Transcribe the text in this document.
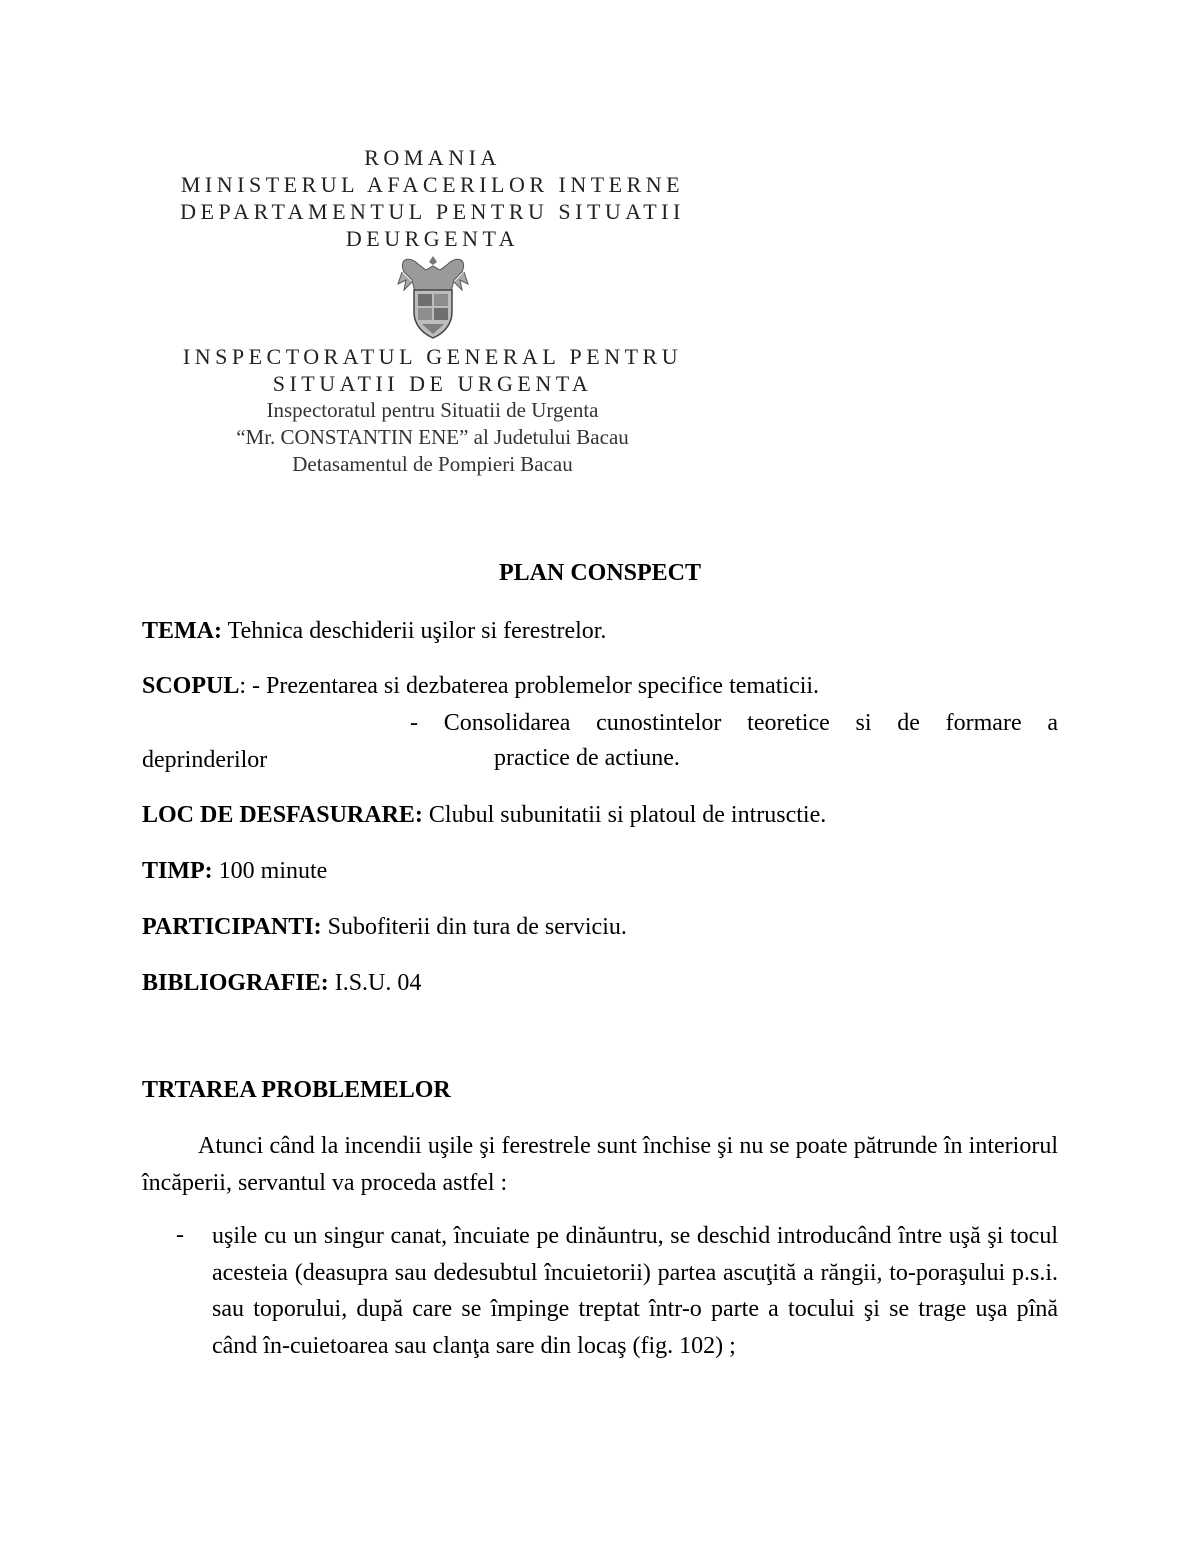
ROMANIA
MINISTERUL AFACERILOR INTERNE
DEPARTAMENTUL PENTRU SITUATII
DEURGENTA
INSPECTORATUL GENERAL PENTRU
SITUATII DE URGENTA
Inspectoratul pentru Situatii de Urgenta
“Mr. CONSTANTIN ENE” al Judetului Bacau
Detasamentul de Pompieri Bacau
PLAN CONSPECT
TEMA: Tehnica deschiderii uşilor si ferestrelor.
SCOPUL: - Prezentarea si dezbaterea problemelor specifice tematicii.
- Consolidarea cunostintelor teoretice si de formare a
deprinderilor	practice de actiune.
LOC DE DESFASURARE: Clubul subunitatii si platoul de intrusctie.
TIMP: 100 minute
PARTICIPANTI: Subofiterii din tura de serviciu.
BIBLIOGRAFIE: I.S.U. 04
TRTAREA PROBLEMELOR
Atunci când la incendii uşile şi ferestrele sunt închise şi nu se poate pătrunde în interiorul încăperii, servantul va proceda astfel :
- uşile cu un singur canat, încuiate pe dinăuntru, se deschid introducând între uşă şi tocul acesteia (deasupra sau dedesubtul încuietorii) partea ascuţită a răngii, to-poraşului p.s.i. sau toporului, după care se împinge treptat într-o parte a tocului şi se trage uşa pînă când în-cuietoarea sau clanţa sare din locaş (fig. 102) ;
